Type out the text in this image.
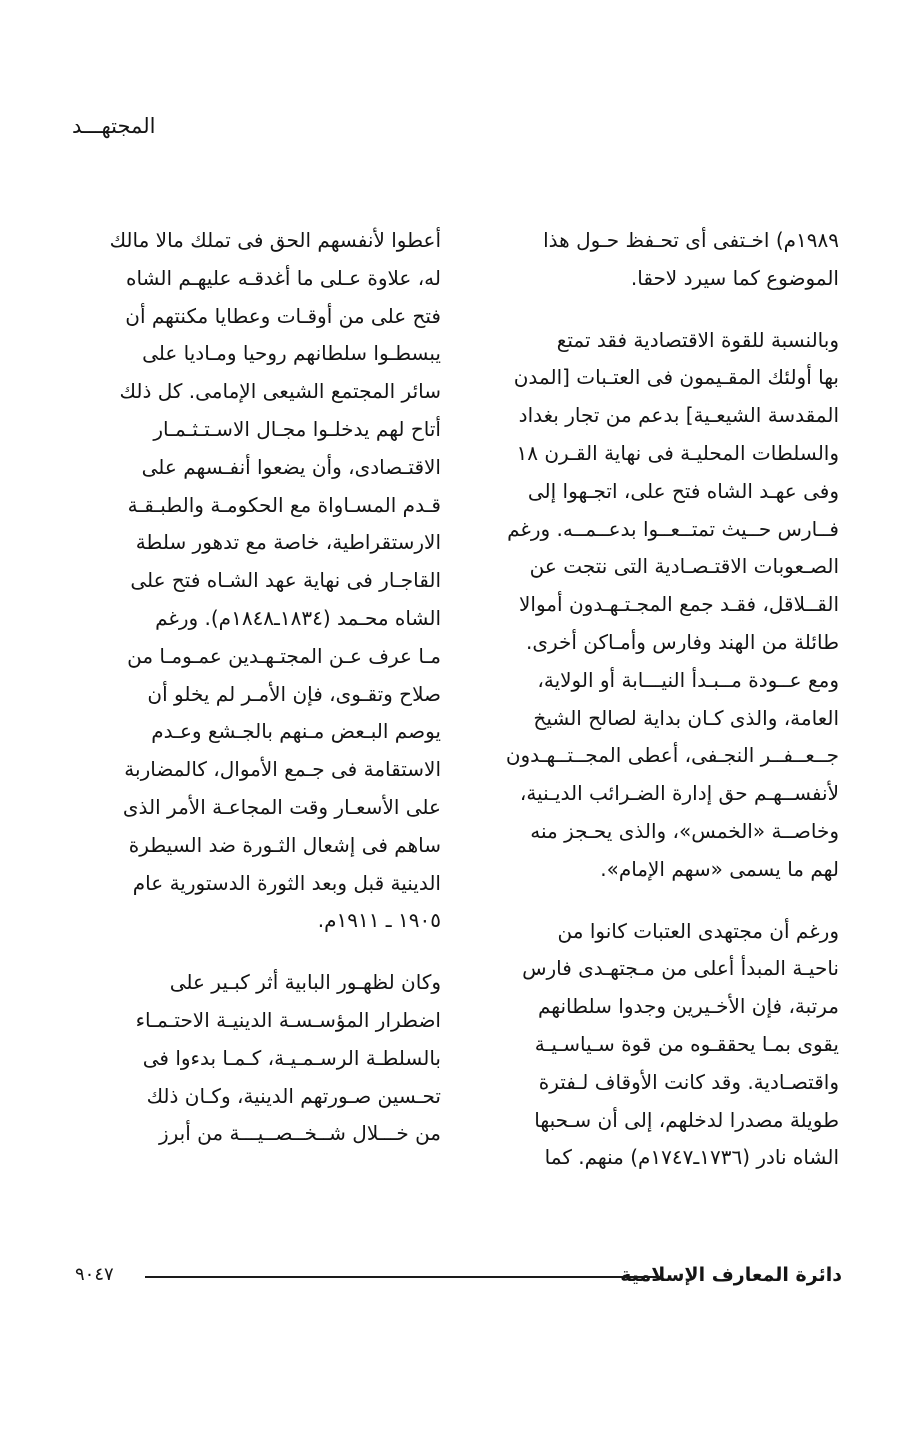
المجتهـــد
١٩٨٩م) اخـتفى أى تحـفظ حـول هذا
الموضوع كما سيرد لاحقا.
وبالنسبة للقوة الاقتصادية فقد تمتع
بها أولئك المقـيمون فى العتـبات [المدن
المقدسة الشيعـية] بدعم من تجار بغداد
والسلطات المحليـة فى نهاية القـرن ١٨
وفى عهـد الشاه فتح على، اتجـهوا إلى
فــارس حــيث تمتــعــوا بدعــمــه. ورغم
الصـعوبات الاقتـصـادية التى نتجت عن
القــلاقل، فقـد جمع المجـتـهـدون أموالا
طائلة من الهند وفارس وأمـاكن أخرى.
ومع عــودة مــبـدأ النيـــابة أو الولاية،
العامة، والذى كـان بداية لصالح الشيخ
جــعــفــر النجـفى، أعطى المجــتــهـدون
لأنفســهـم حق إدارة الضـرائب الديـنية،
وخاصــة «الخمس»، والذى يحـجز منه
لهم ما يسمى «سهم الإمام».
ورغم أن مجتهدى العتبات كانوا من
ناحيـة المبدأ أعلى من مـجتهـدى فارس
مرتبة، فإن الأخـيرين وجدوا سلطانهم
يقوى بمـا يحققـوه من قوة سـياسـيـة
واقتصـادية. وقد كانت الأوقاف لـفترة
طويلة مصدرا لدخلهم، إلى أن سـحبها
الشاه نادر (١٧٣٦ـ١٧٤٧م) منهم. كما
أعطوا لأنفسهم الحق فى تملك مالا مالك
له، علاوة عـلى ما أغدقـه عليهـم الشاه
فتح على من أوقـات وعطايا مكنتهم أن
يبسطـوا سلطانهم روحيا ومـاديا على
سائر المجتمع الشيعى الإمامى. كل ذلك
أتاح لهم يدخلـوا مجـال الاسـتـثـمـار
الاقتـصادى، وأن يضعوا أنفـسهم على
قـدم المسـاواة مع الحكومـة والطبـقـة
الارستقراطية، خاصة مع تدهور سلطة
القاجـار فى نهاية عهد الشـاه فتح على
الشاه محـمد (١٨٣٤ـ١٨٤٨م). ورغم
مـا عرف عـن المجتـهـدين عمـومـا من
صلاح وتقـوى، فإن الأمـر لم يخلو أن
يوصم البـعض مـنهم بالجـشع وعـدم
الاستقامة فى جـمع الأموال، كالمضاربة
على الأسعـار وقت المجاعـة الأمر الذى
ساهم فى إشعال الثـورة ضد السيطرة
الدينية قبل وبعد الثورة الدستورية عام
١٩٠٥ ـ ١٩١١م.
وكان لظهـور البابية أثر كبـير على
اضطرار المؤسـسـة الدينيـة الاحتـمـاء
بالسلطـة الرسـمـيـة، كـمـا بدءوا فى
تحـسين صـورتهم الدينية، وكـان ذلك
من خـــلال شــخــصــيـــة من أبرز
دائرة المعارف الإسلامية
٩٠٤٧
